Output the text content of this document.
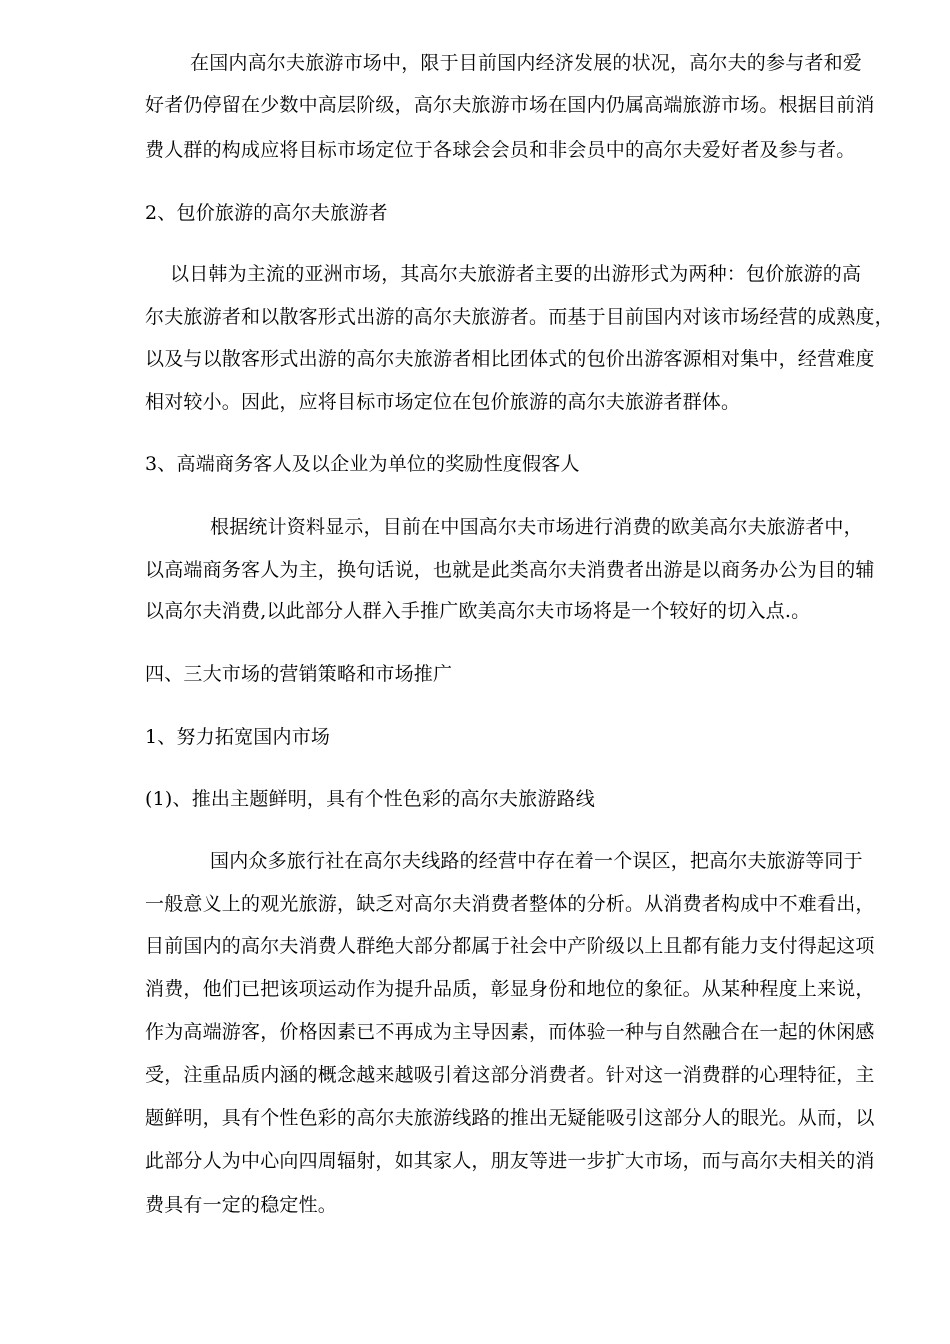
在国内高尔夫旅游市场中，限于目前国内经济发展的状况，高尔夫的参与者和爱
好者仍停留在少数中高层阶级，高尔夫旅游市场在国内仍属高端旅游市场。根据目前消
费人群的构成应将目标市场定位于各球会会员和非会员中的高尔夫爱好者及参与者。
2、包价旅游的高尔夫旅游者
以日韩为主流的亚洲市场，其高尔夫旅游者主要的出游形式为两种：包价旅游的高
尔夫旅游者和以散客形式出游的高尔夫旅游者。而基于目前国内对该市场经营的成熟度，
以及与以散客形式出游的高尔夫旅游者相比团体式的包价出游客源相对集中，经营难度
相对较小。因此，应将目标市场定位在包价旅游的高尔夫旅游者群体。
3、高端商务客人及以企业为单位的奖励性度假客人
根据统计资料显示，目前在中国高尔夫市场进行消费的欧美高尔夫旅游者中，
以高端商务客人为主，换句话说，也就是此类高尔夫消费者出游是以商务办公为目的辅
以高尔夫消费,以此部分人群入手推广欧美高尔夫市场将是一个较好的切入点.。
四、三大市场的营销策略和市场推广
1、努力拓宽国内市场
(1)、推出主题鲜明，具有个性色彩的高尔夫旅游路线
国内众多旅行社在高尔夫线路的经营中存在着一个误区，把高尔夫旅游等同于
一般意义上的观光旅游，缺乏对高尔夫消费者整体的分析。从消费者构成中不难看出，
目前国内的高尔夫消费人群绝大部分都属于社会中产阶级以上且都有能力支付得起这项
消费，他们已把该项运动作为提升品质，彰显身份和地位的象征。从某种程度上来说，
作为高端游客，价格因素已不再成为主导因素，而体验一种与自然融合在一起的休闲感
受，注重品质内涵的概念越来越吸引着这部分消费者。针对这一消费群的心理特征，主
题鲜明，具有个性色彩的高尔夫旅游线路的推出无疑能吸引这部分人的眼光。从而，以
此部分人为中心向四周辐射，如其家人，朋友等进一步扩大市场，而与高尔夫相关的消
费具有一定的稳定性。
